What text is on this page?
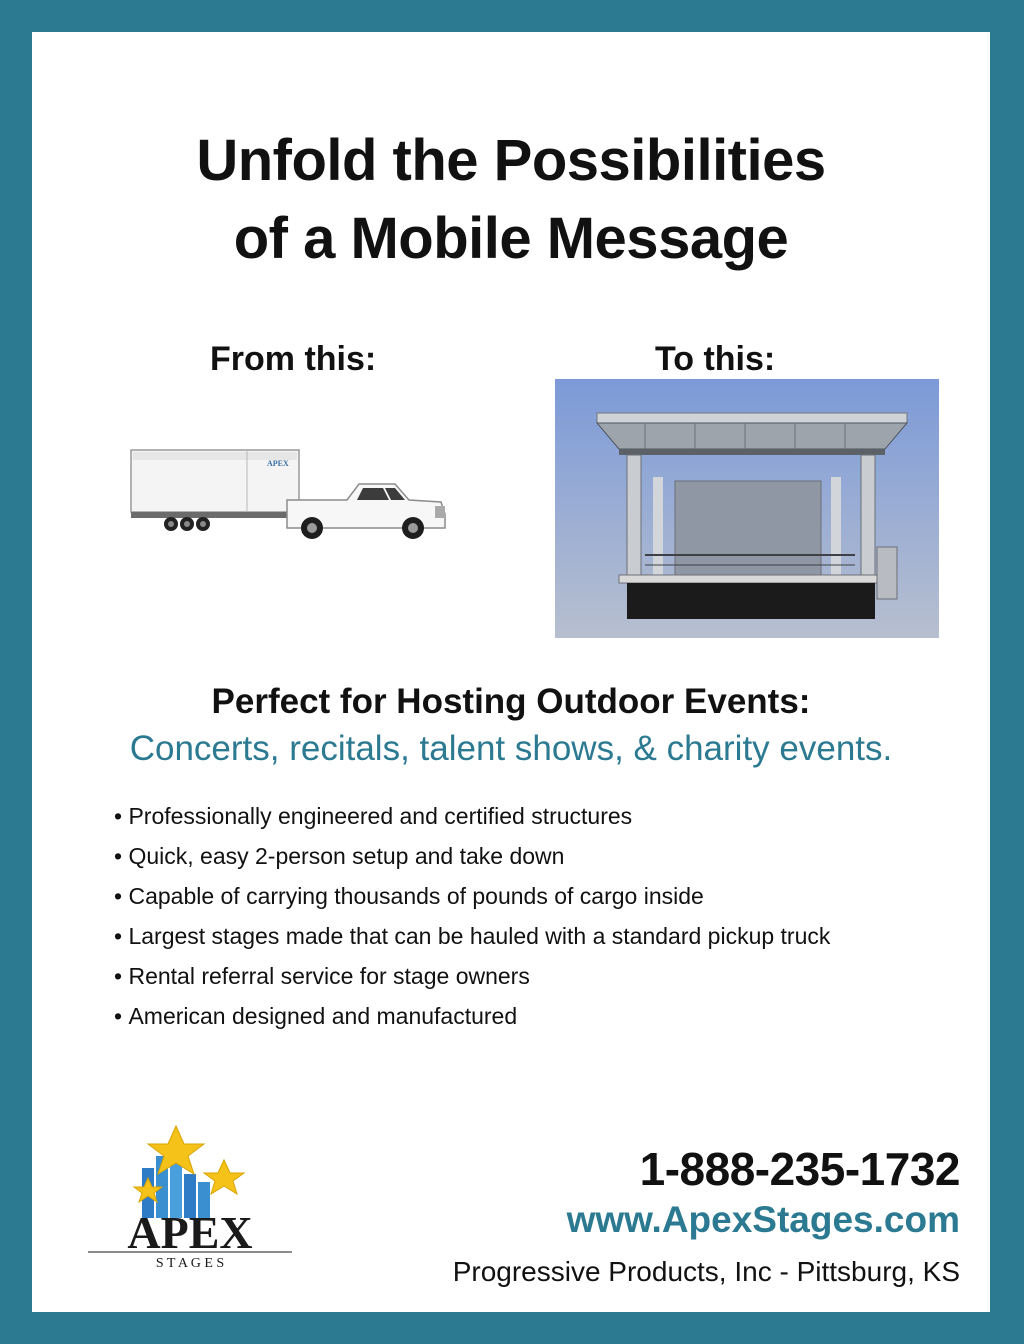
Unfold the Possibilities
of a Mobile Message
From this:	To this:
APEX
Perfect for Hosting Outdoor Events:
Concerts, recitals, talent shows, & charity events.
• Professionally engineered and certified structures
• Quick, easy 2-person setup and take down
• Capable of carrying thousands of pounds of cargo inside
• Largest stages made that can be hauled with a standard pickup truck
• Rental referral service for stage owners
• American designed and manufactured
APEX
S T A G E S
1-888-235-1732
www.ApexStages.com
Progressive Products, Inc - Pittsburg, KS
